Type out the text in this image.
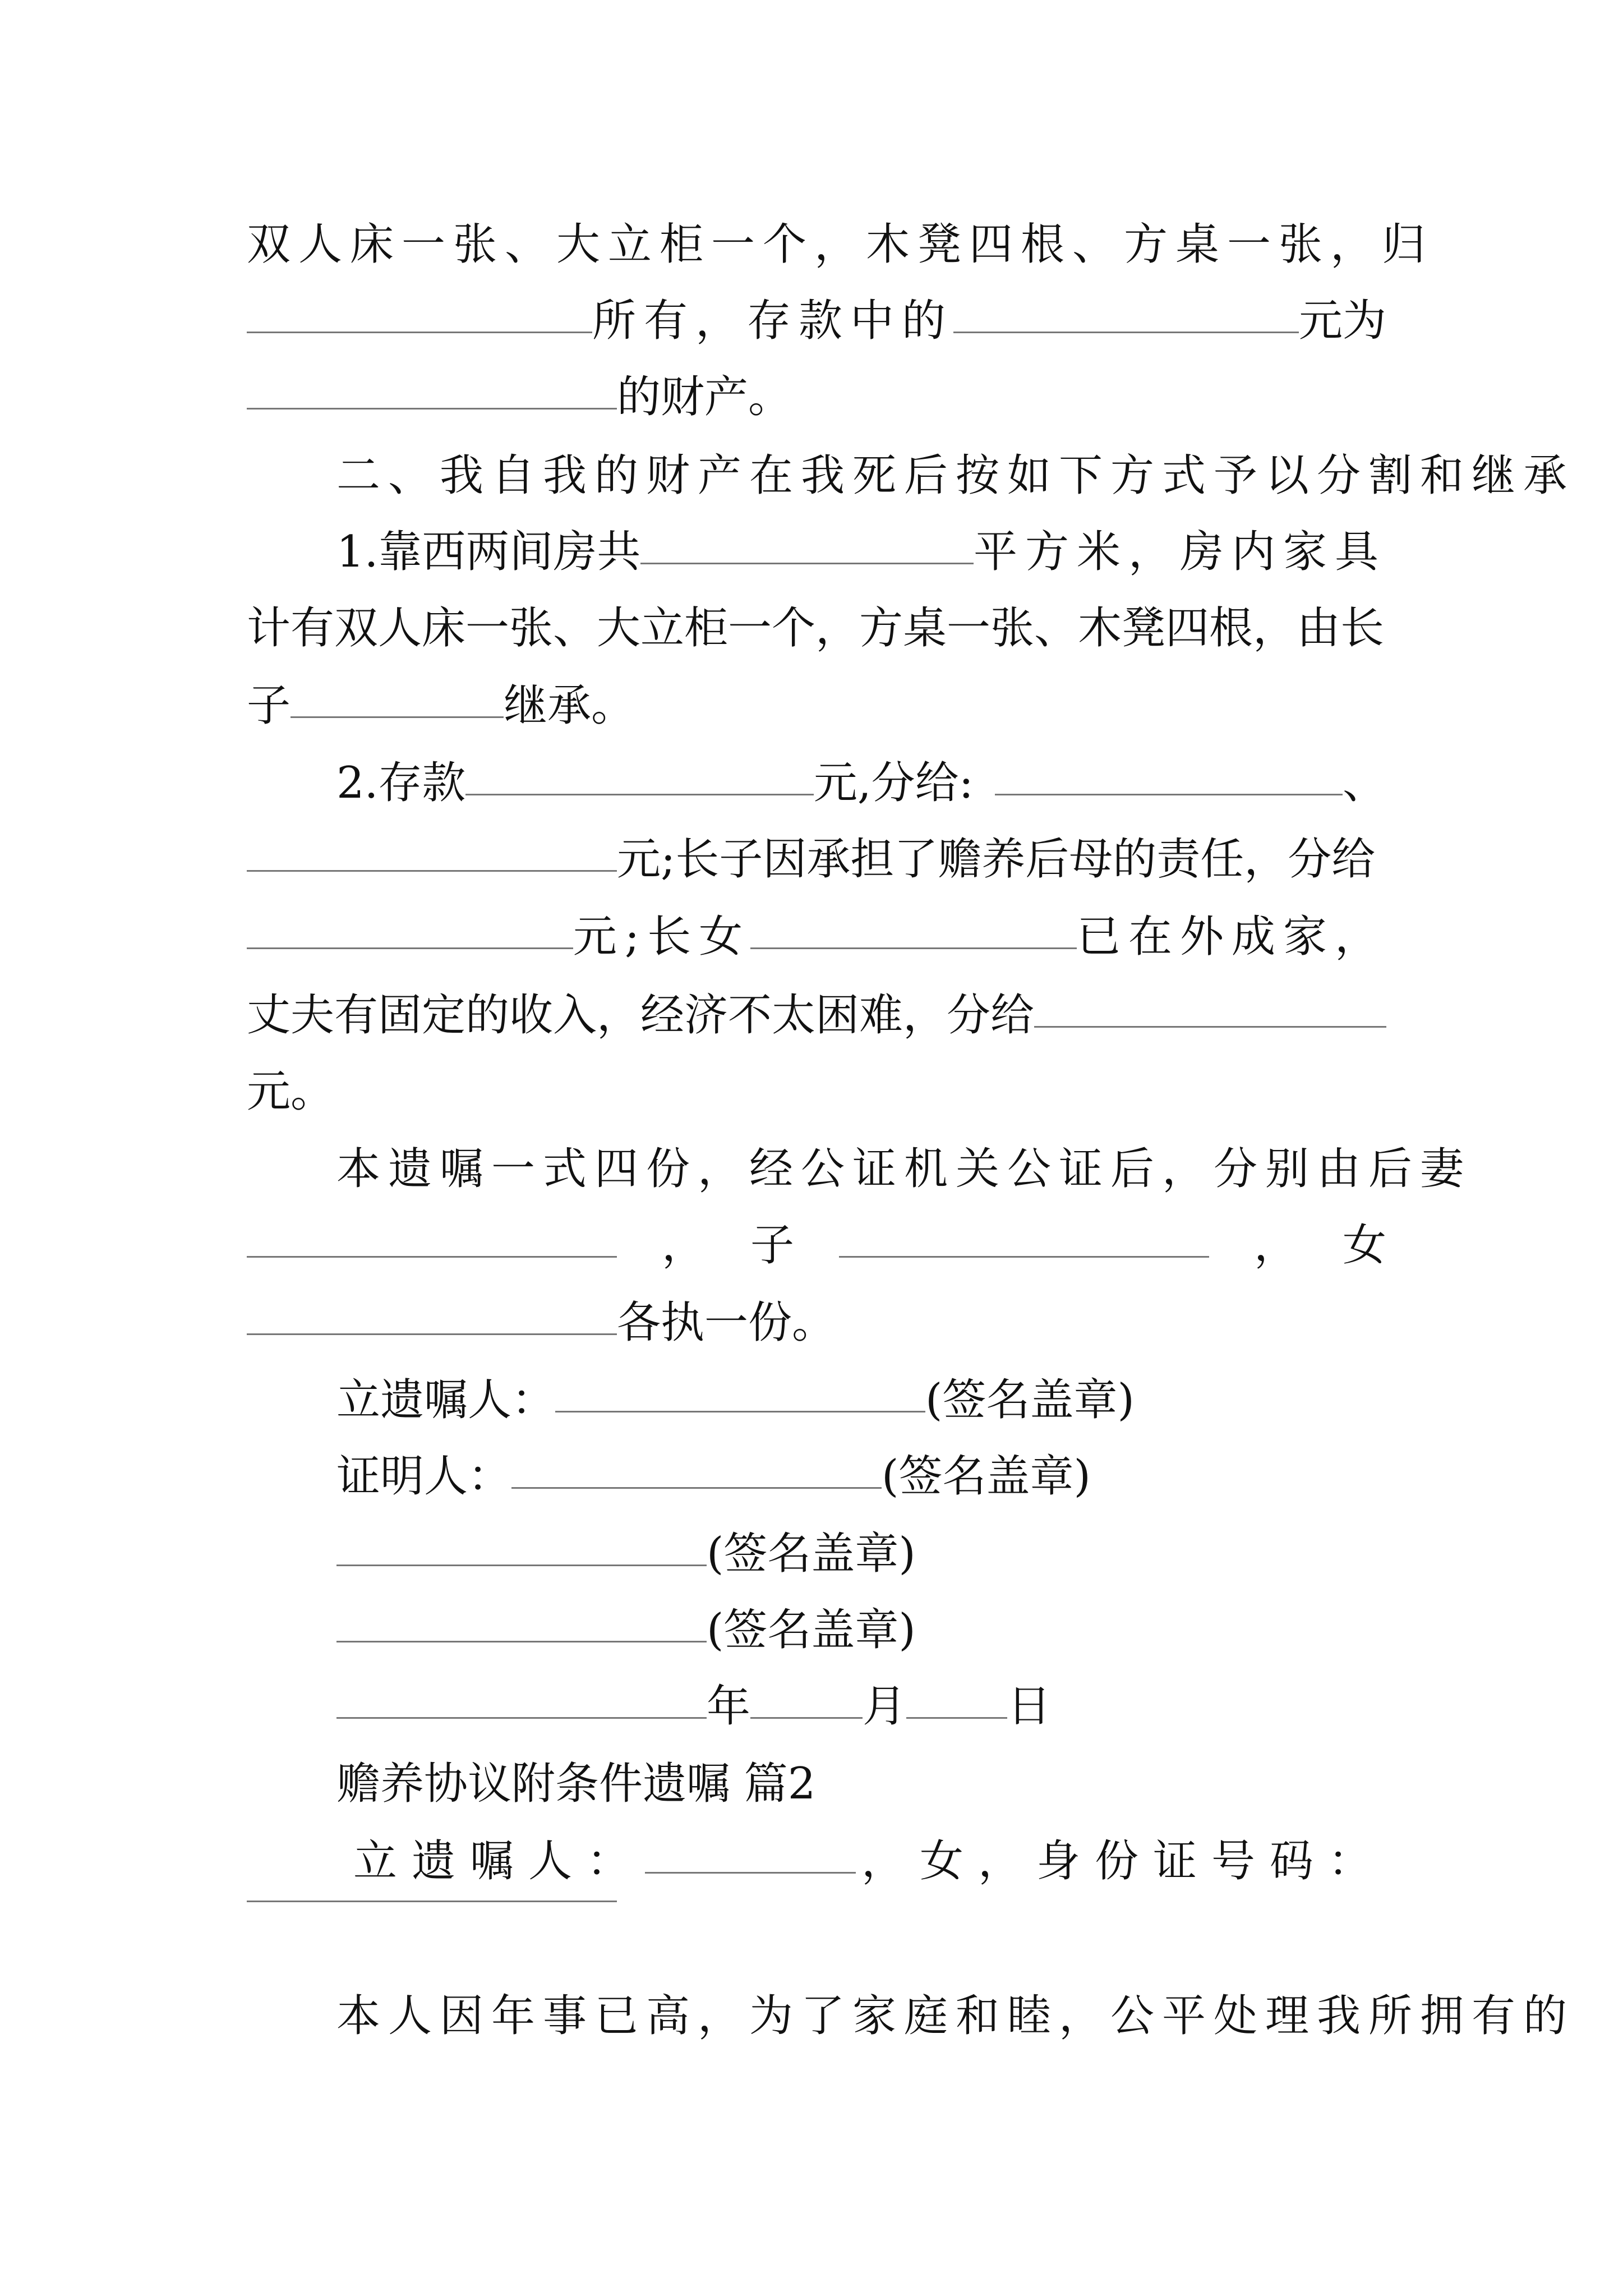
双人床一张、大立柜一个，木凳四根、方桌一张，归
所有，存款中的	元为
的财产。
二、我自我的财产在我死后按如下方式予以分割和继承
1.靠西两间房共	平方米，房内家具
计有双人床一张、大立柜一个，方桌一张、木凳四根，由长
子	继承。
2.存款	元,分给:	、
元;长子因承担了赡养后母的责任，分给
元;长女	已在外成家，
丈夫有固定的收入，经济不太困难，分给
元。
本遗嘱一式四份，经公证机关公证后，分别由后妻
， 子	， 女
各执一份。
立遗嘱人：	(签名盖章)
证明人：	(签名盖章)
(签名盖章)
(签名盖章)
年	月 日
赡养协议附条件遗嘱 篇2
立遗嘱人：	，女，身份证号码：
本人因年事已高，为了家庭和睦，公平处理我所拥有的
